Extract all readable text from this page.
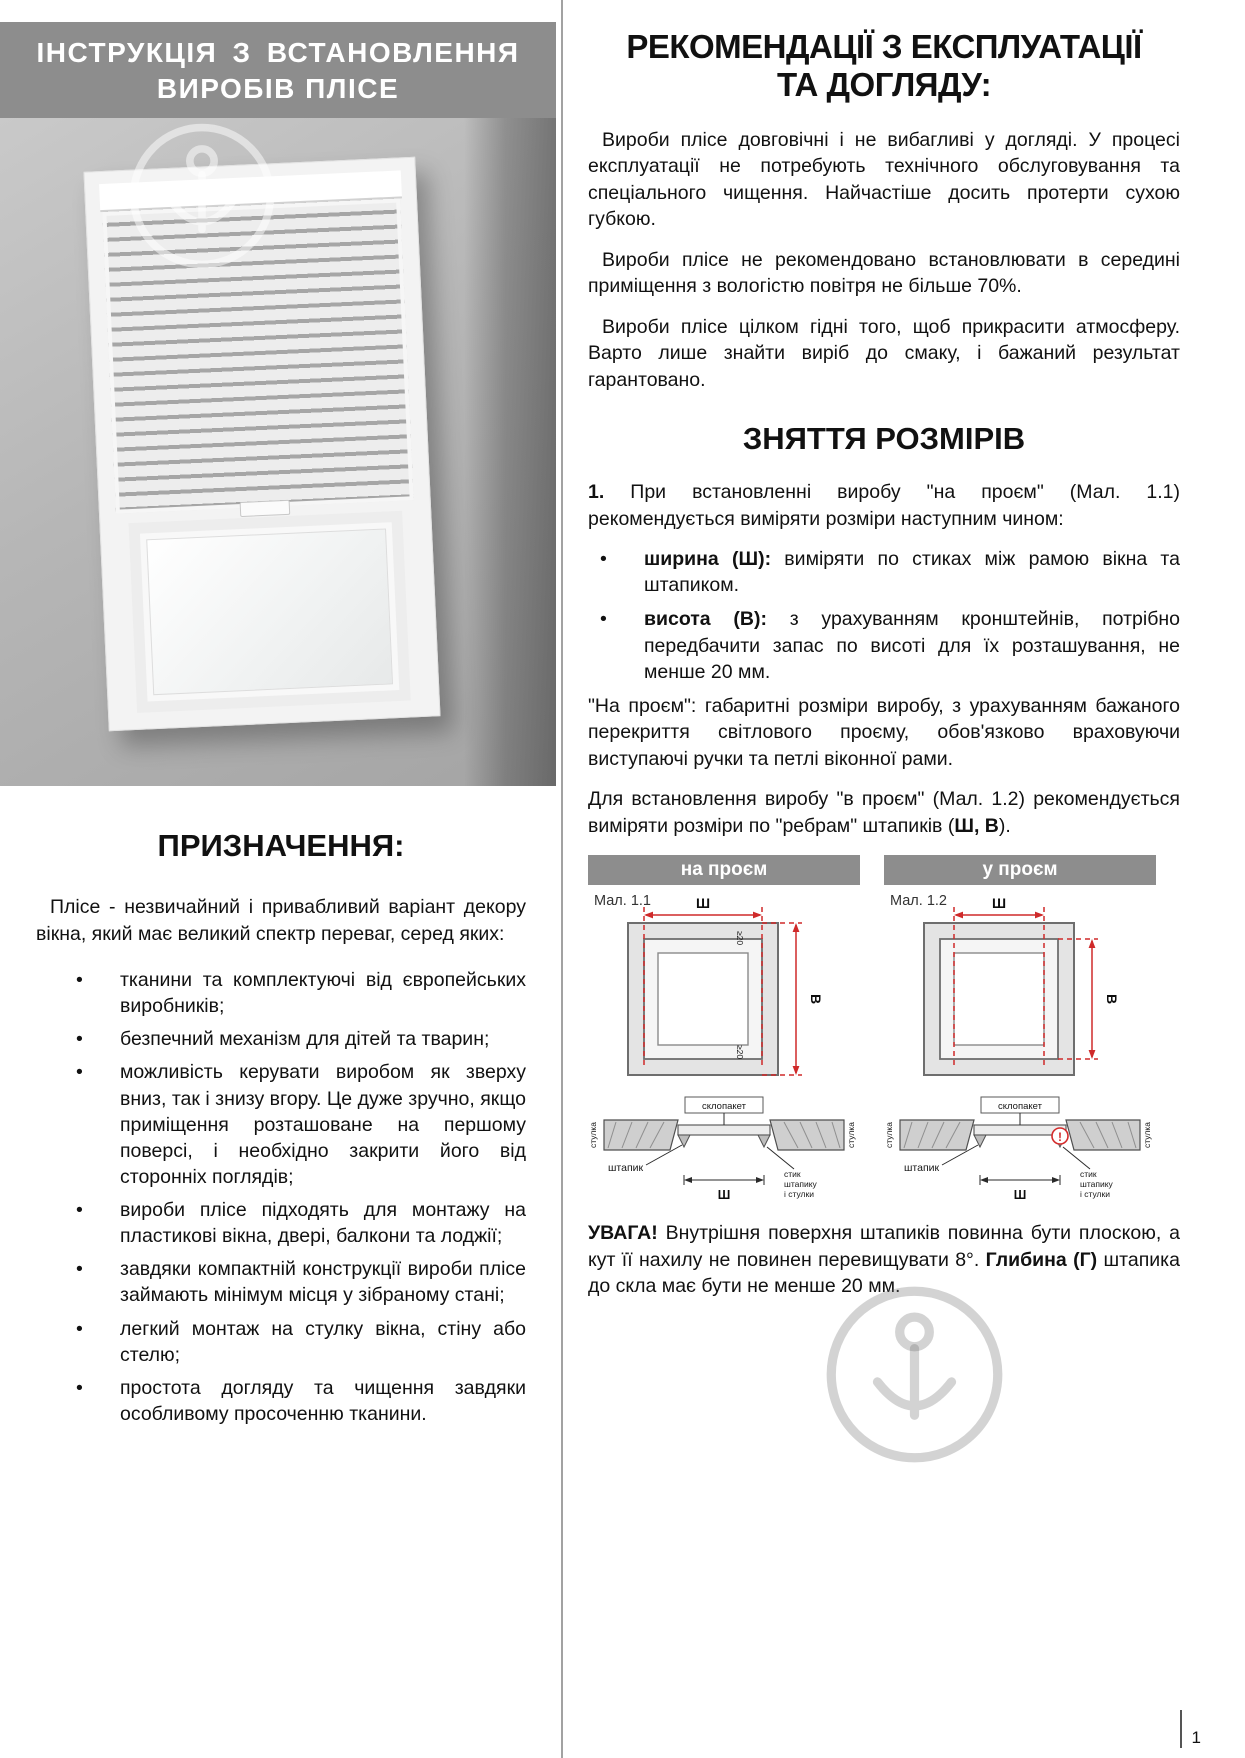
ІНСТРУКЦІЯ З ВСТАНОВЛЕННЯ
ВИРОБІВ ПЛІСЕ
ПРИЗНАЧЕННЯ:

Плісе - незвичайний і привабливий варіант декору вікна, який має великий спектр переваг, серед яких:

• тканини та комплектуючі від європейських виробників;
• безпечний механізм для дітей та тварин;
• можливість керувати виробом як зверху вниз, так і знизу вгору. Це дуже зручно, якщо приміщення розташоване на першому поверсі, і необхідно закрити його від сторонніх поглядів;
• вироби плісе підходять для монтажу на пластикові вікна, двері, балкони та лоджії;
• завдяки компактній конструкції вироби плісе займають мінімум місця у зібраному стані;
• легкий монтаж на стулку вікна, стіну або стелю;
• простота догляду та чищення завдяки особливому просоченню тканини.
РЕКОМЕНДАЦІЇ З ЕКСПЛУАТАЦІЇ
ТА ДОГЛЯДУ:

Вироби плісе довговічні і не вибагливі у догляді. У процесі експлуатації не потребують технічного обслуговування та спеціального чищення. Найчастіше досить протерти сухою губкою.

Вироби плісе не рекомендовано встановлювати в середині приміщення з вологістю повітря не більше 70%.

Вироби плісе цілком гідні того, щоб прикрасити атмосферу. Варто лише знайти виріб до смаку, і бажаний результат гарантовано.

ЗНЯТТЯ РОЗМІРІВ

1. При встановленні виробу "на проєм" (Мал. 1.1) рекомендується виміряти розміри наступним чином:

• ширина (Ш): виміряти по стиках між рамою вікна та штапиком.
• висота (В): з урахуванням кронштейнів, потрібно передбачити запас по висоті для їх розташування, не менше 20 мм.

"На проєм": габаритні розміри виробу, з урахуванням бажаного перекриття світлового проєму, обов'язково враховуючи виступаючі ручки та петлі віконної рами.

Для встановлення виробу "в проєм" (Мал. 1.2) рекомендується виміряти розміри по "ребрам" штапиків (Ш, В).

на проєм
Мал. 1.1	Ш
≥20
≥20
В
склопакет
стулка	стулка
штапик
Ш
стик
штапику
і стулки
у проєм
Мал. 1.2	Ш
В
склопакет
!
стулка	стулка
штапик
Ш
стик
штапику
і стулки

УВАГА! Внутрішня поверхня штапиків повинна бути плоскою, а кут її нахилу не повинен перевищувати 8°. Глибина (Г) штапика до скла має бути не менше 20 мм.

1
